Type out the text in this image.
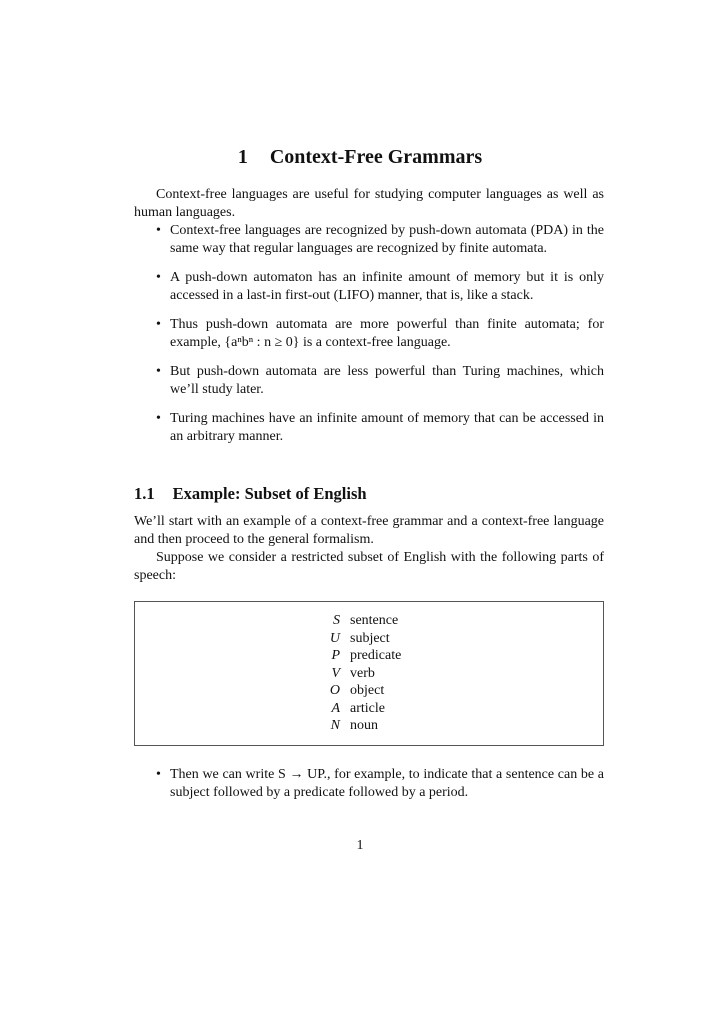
1 Context-Free Grammars

Context-free languages are useful for studying computer languages as well as human languages.

• Context-free languages are recognized by push-down automata (PDA) in the same way that regular languages are recognized by finite automata.
• A push-down automaton has an infinite amount of memory but it is only accessed in a last-in first-out (LIFO) manner, that is, like a stack.
• Thus push-down automata are more powerful than finite automata; for example, {aⁿbⁿ : n ≥ 0} is a context-free language.
• But push-down automata are less powerful than Turing machines, which we’ll study later.
• Turing machines have an infinite amount of memory that can be accessed in an arbitrary manner.
1.1 Example: Subset of English

We’ll start with an example of a context-free grammar and a context-free language and then proceed to the general formalism.

Suppose we consider a restricted subset of English with the following parts of speech:

S	sentence
U	subject
P	predicate
V	verb
O	object
A	article
N	noun
• Then we can write S → UP., for example, to indicate that a sentence can be a subject followed by a predicate followed by a period.

1
